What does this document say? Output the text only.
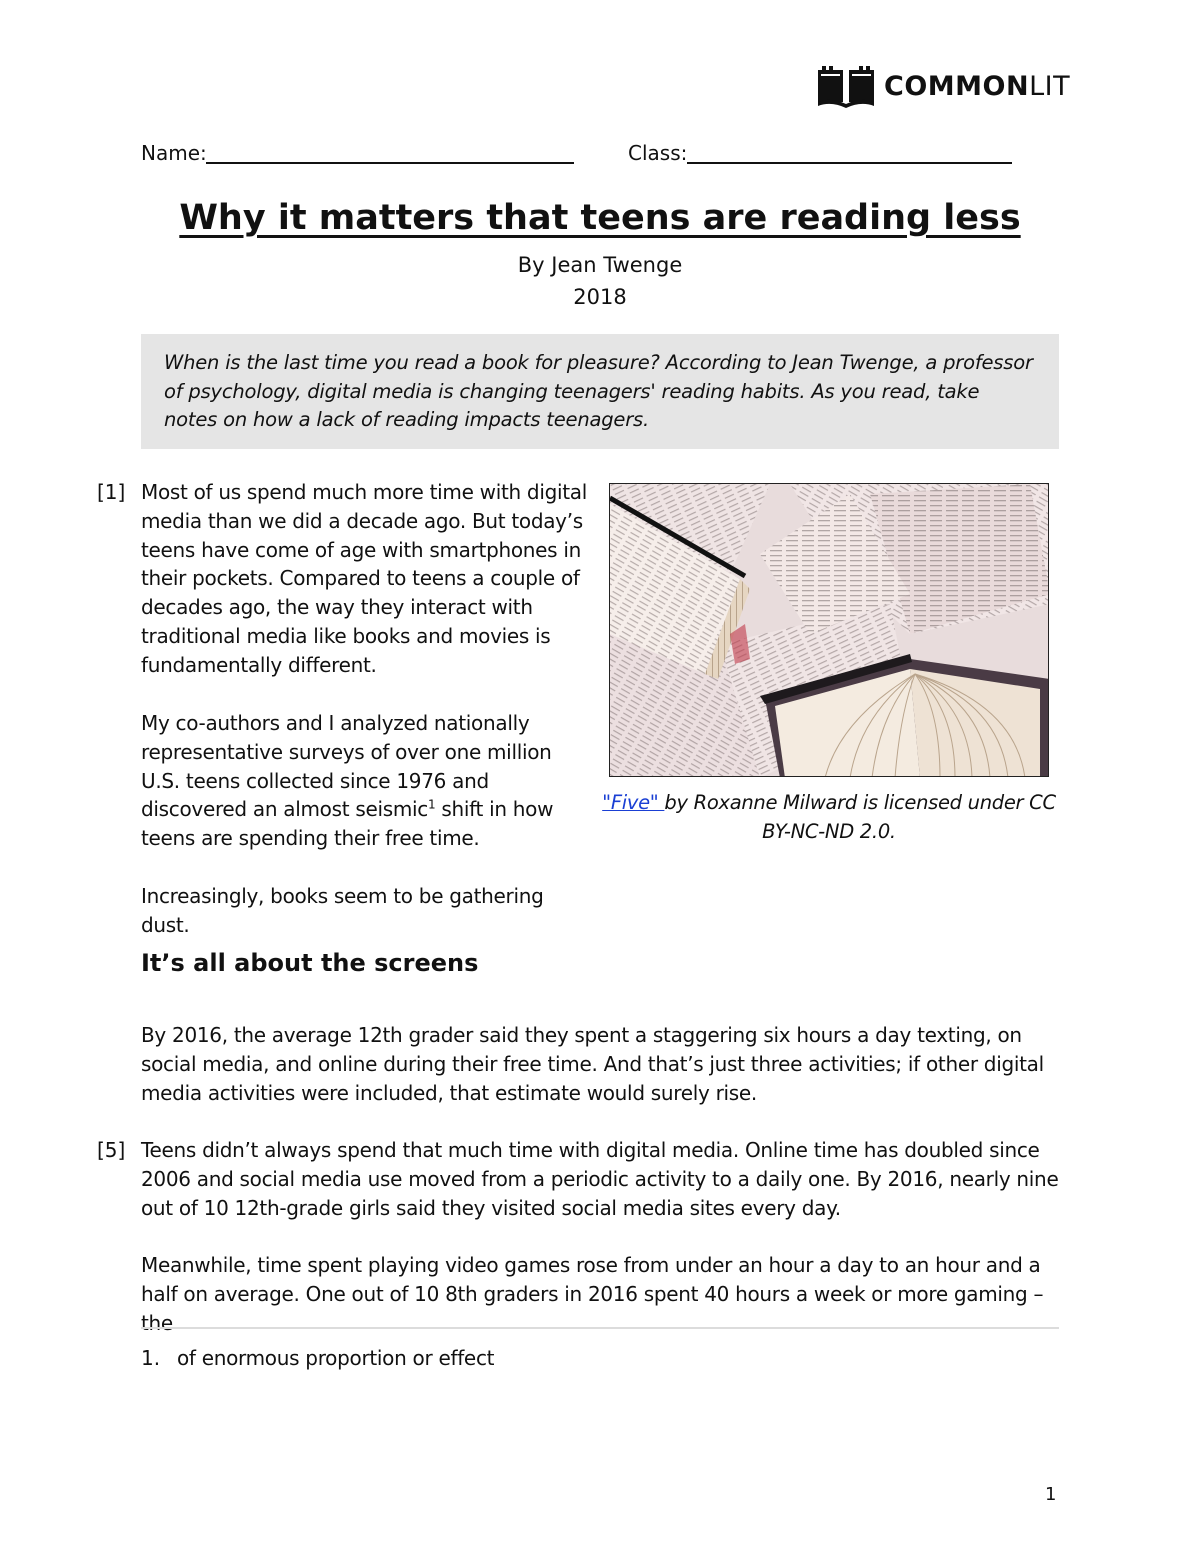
COMMONLIT
Name:	Class:
Why it matters that teens are reading less
By Jean Twenge
2018
When is the last time you read a book for pleasure? According to Jean Twenge, a professor of psychology, digital media is changing teenagers' reading habits. As you read, take notes on how a lack of reading impacts teenagers.
[1] Most of us spend much more time with digital media than we did a decade ago. But today’s teens have come of age with smartphones in their pockets. Compared to teens a couple of decades ago, the way they interact with traditional media like books and movies is fundamentally different.

My co-authors and I analyzed nationally representative surveys of over one million U.S. teens collected since 1976 and discovered an almost seismic$^1$ shift in how teens are spending their free time.

Increasingly, books seem to be gathering dust.

"Five" by Roxanne Milward is licensed under CC BY-NC-ND 2.0.
It’s all about the screens

By 2016, the average 12th grader said they spent a staggering six hours a day texting, on social media, and online during their free time. And that’s just three activities; if other digital media activities were included, that estimate would surely rise.

[5] Teens didn’t always spend that much time with digital media. Online time has doubled since 2006 and social media use moved from a periodic activity to a daily one. By 2016, nearly nine out of 10 12th-grade girls said they visited social media sites every day.

Meanwhile, time spent playing video games rose from under an hour a day to an hour and a half on average. One out of 10 8th graders in 2016 spent 40 hours a week or more gaming – the

1. of enormous proportion or effect
1
